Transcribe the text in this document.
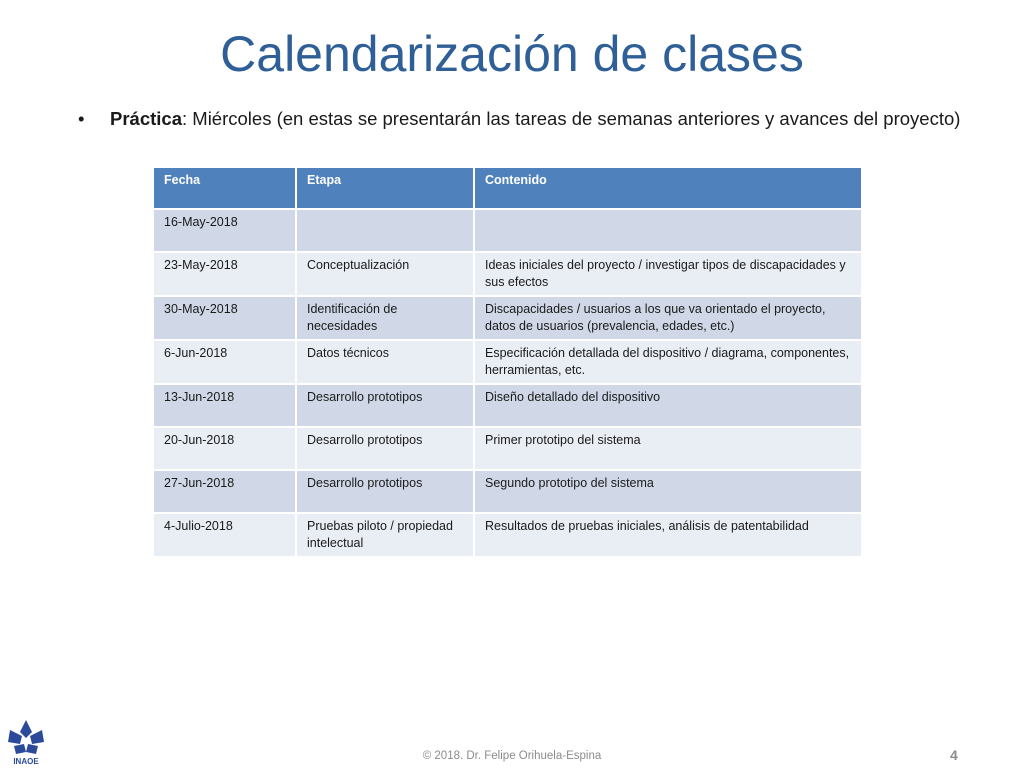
Calendarización de clases
• Práctica: Miércoles (en estas se presentarán las tareas de semanas anteriores y avances del proyecto)
Fecha	Etapa	Contenido
16-May-2018		
23-May-2018	Conceptualización	Ideas iniciales del proyecto / investigar tipos de discapacidades y sus efectos
30-May-2018	Identificación de necesidades	Discapacidades / usuarios a los que va orientado el proyecto, datos de usuarios (prevalencia, edades, etc.)
6-Jun-2018	Datos técnicos	Especificación detallada del dispositivo / diagrama, componentes, herramientas, etc.
13-Jun-2018	Desarrollo prototipos	Diseño detallado del dispositivo
20-Jun-2018	Desarrollo prototipos	Primer prototipo del sistema
27-Jun-2018	Desarrollo prototipos	Segundo prototipo del sistema
4-Julio-2018	Pruebas piloto / propiedad intelectual	Resultados de pruebas iniciales, análisis de patentabilidad
INAOE	© 2018. Dr. Felipe Orihuela-Espina	4
